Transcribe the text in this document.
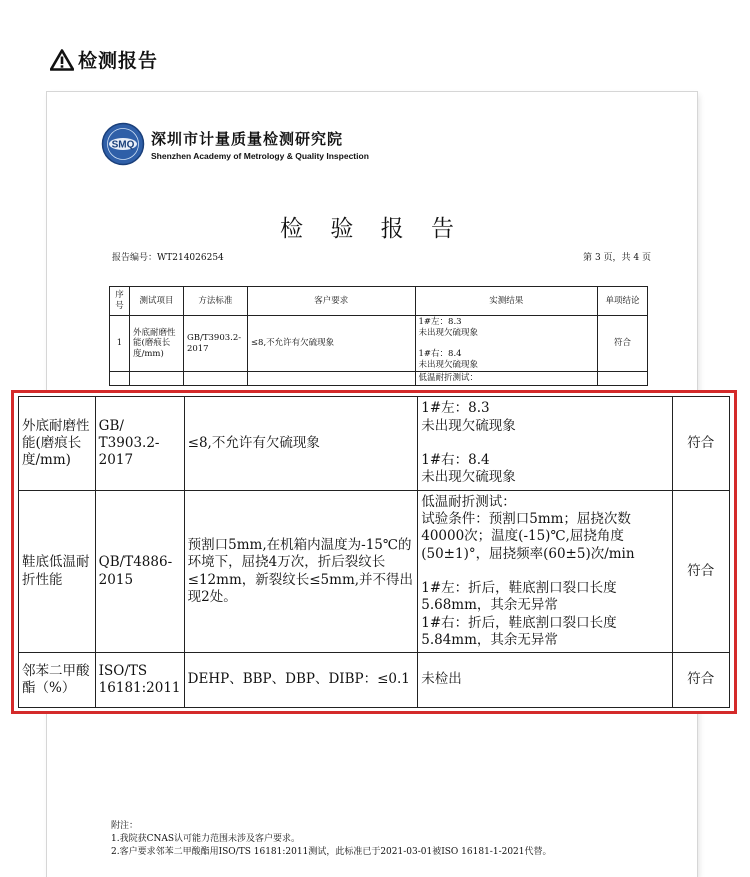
检测报告
SMQ 深圳市计量质量检测研究院
Shenzhen Academy of Metrology & Quality Inspection
检 验 报 告
报告编号：WT214026254	第 3 页，共 4 页
序号	测试项目	方法标准	客户要求	实测结果	单项结论
1	外底耐磨性能(磨痕长度/mm)	GB/T3903.2-2017	≤8,不允许有欠硫现象	1#左：8.3
未出现欠硫现象

1#右：8.4
未出现欠硫现象	符合
				低温耐折测试：	
附注：
1.我院获CNAS认可能力范围未涉及客户要求。
2.客户要求邻苯二甲酸酯用ISO/TS 16181:2011测试，此标准已于2021-03-01被ISO 16181-1-2021代替。
外底耐磨性能(磨痕长度/mm)	GB/
T3903.2-
2017	≤8,不允许有欠硫现象	1#左：8.3
未出现欠硫现象

1#右：8.4
未出现欠硫现象	符合
鞋底低温耐折性能	QB/T4886-
2015	预割口5mm,在机箱内温度为-15℃的环境下，屈挠4万次，折后裂纹长≤12mm，新裂纹长≤5mm,并不得出现2处。	低温耐折测试：
试验条件：预割口5mm；屈挠次数40000次；温度(-15)℃,屈挠角度(50±1)°，屈挠频率(60±5)次/min

1#左：折后，鞋底割口裂口长度5.68mm，其余无异常
1#右：折后，鞋底割口裂口长度5.84mm，其余无异常	符合
邻苯二甲酸酯（%）	ISO/TS
16181:2011	DEHP、BBP、DBP、DIBP：≤0.1	未检出	符合
